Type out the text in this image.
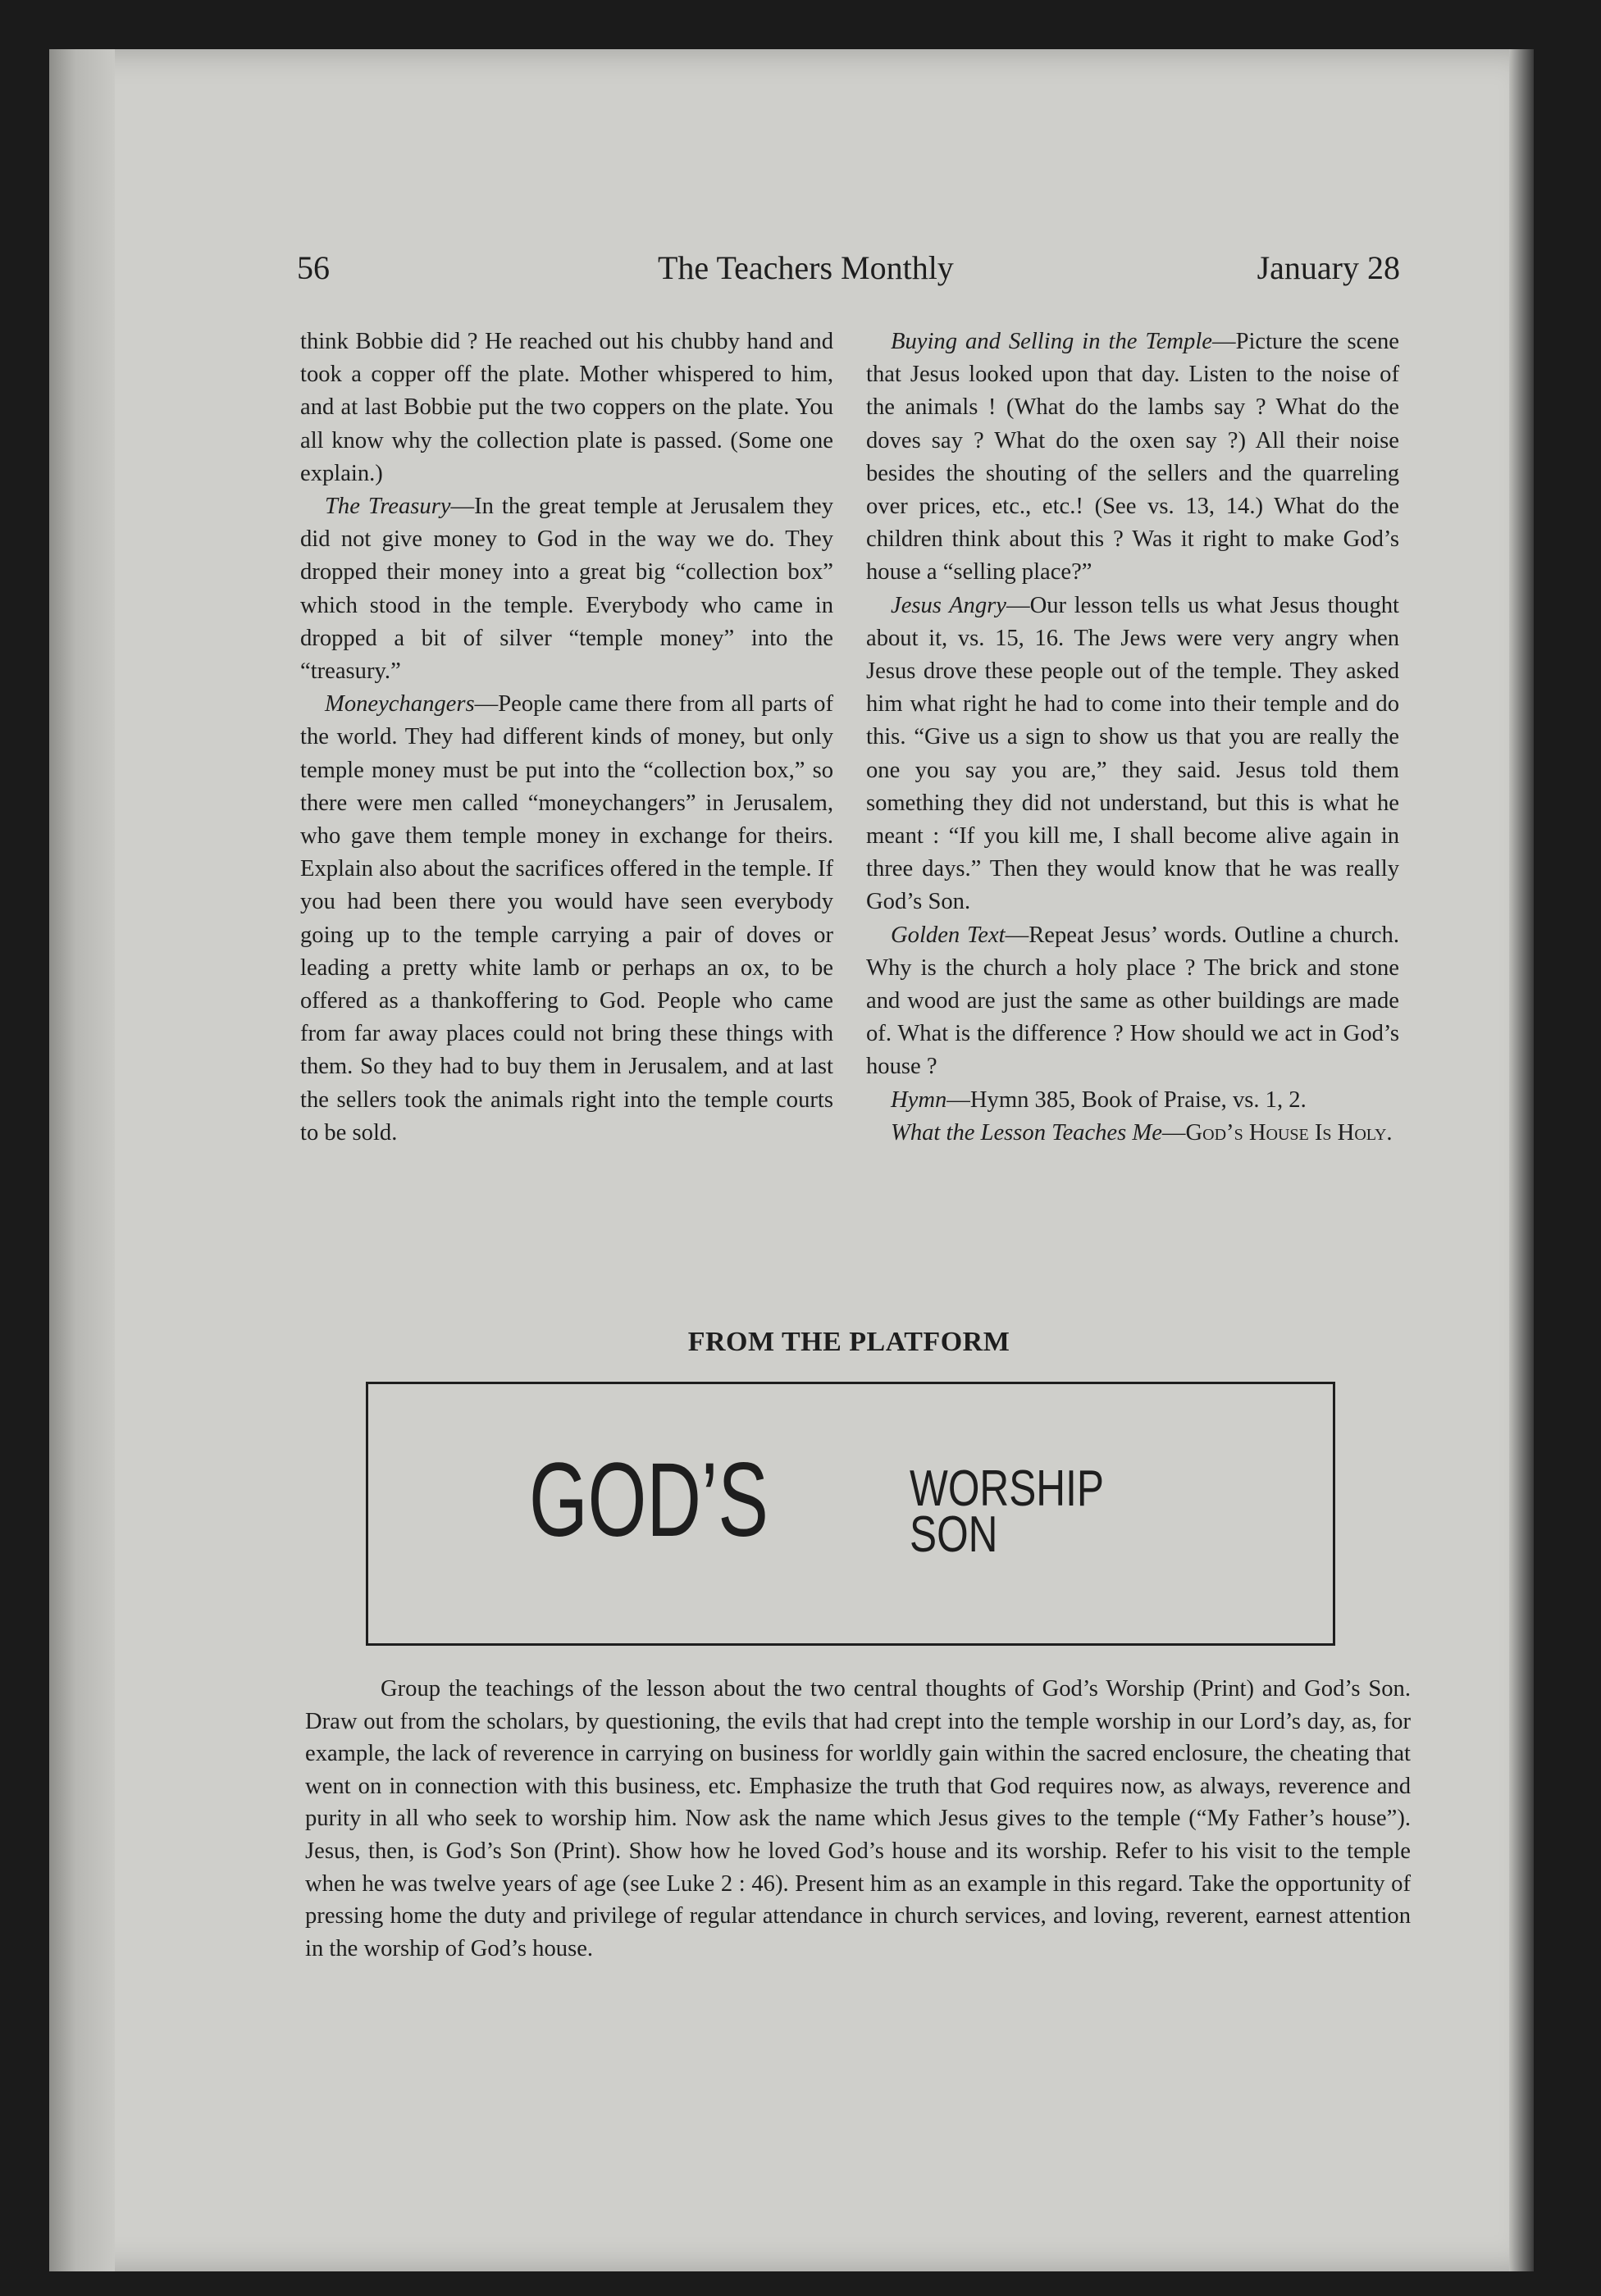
56	The Teachers Monthly	January 28

think Bobbie did ? He reached out his chubby hand and took a copper off the plate. Mother whispered to him, and at last Bobbie put the two coppers on the plate. You all know why the collection plate is passed. (Some one explain.)

The Treasury—In the great temple at Jerusalem they did not give money to God in the way we do. They dropped their money into a great big “collection box” which stood in the temple. Everybody who came in dropped a bit of silver “temple money” into the “treasury.”

Moneychangers—People came there from all parts of the world. They had different kinds of money, but only temple money must be put into the “collection box,” so there were men called “moneychangers” in Jerusalem, who gave them temple money in exchange for theirs. Explain also about the sacrifices offered in the temple. If you had been there you would have seen everybody going up to the temple carrying a pair of doves or leading a pretty white lamb or perhaps an ox, to be offered as a thankoffering to God. People who came from far away places could not bring these things with them. So they had to buy them in Jerusalem, and at last the sellers took the animals right into the temple courts to be sold.

Buying and Selling in the Temple—Picture the scene that Jesus looked upon that day. Listen to the noise of the animals ! (What do the lambs say ? What do the doves say ? What do the oxen say ?) All their noise besides the shouting of the sellers and the quarreling over prices, etc., etc.! (See vs. 13, 14.) What do the children think about this ? Was it right to make God’s house a “selling place?”

Jesus Angry—Our lesson tells us what Jesus thought about it, vs. 15, 16. The Jews were very angry when Jesus drove these people out of the temple. They asked him what right he had to come into their temple and do this. “Give us a sign to show us that you are really the one you say you are,” they said. Jesus told them something they did not understand, but this is what he meant : “If you kill me, I shall become alive again in three days.” Then they would know that he was really God’s Son.

Golden Text—Repeat Jesus’ words. Outline a church. Why is the church a holy place ? The brick and stone and wood are just the same as other buildings are made of. What is the difference ? How should we act in God’s house ?

Hymn—Hymn 385, Book of Praise, vs. 1, 2.

What the Lesson Teaches Me—God’s House Is Holy.

FROM THE PLATFORM
GOD’S	WORSHIP
SON

Group the teachings of the lesson about the two central thoughts of God’s Worship (Print) and God’s Son. Draw out from the scholars, by questioning, the evils that had crept into the temple worship in our Lord’s day, as, for example, the lack of reverence in carrying on business for worldly gain within the sacred enclosure, the cheating that went on in connection with this business, etc. Emphasize the truth that God requires now, as always, reverence and purity in all who seek to worship him. Now ask the name which Jesus gives to the temple (“My Father’s house”). Jesus, then, is God’s Son (Print). Show how he loved God’s house and its worship. Refer to his visit to the temple when he was twelve years of age (see Luke 2 : 46). Present him as an example in this regard. Take the opportunity of pressing home the duty and privilege of regular attendance in church services, and loving, reverent, earnest attention in the worship of God’s house.
